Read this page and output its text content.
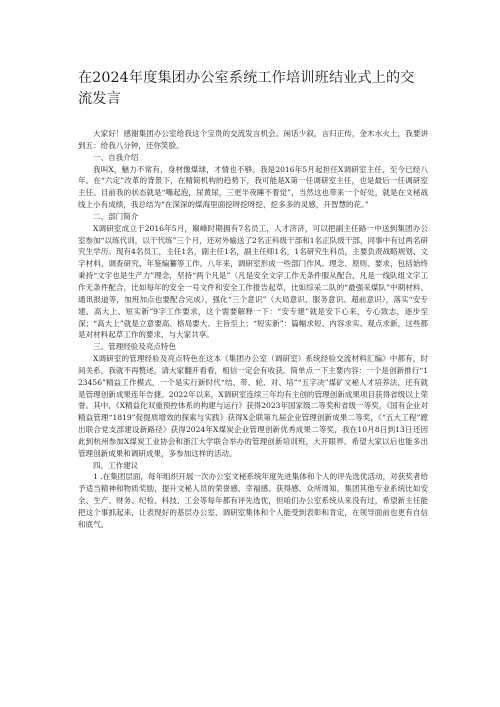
在2024年度集团办公室系统工作培训班结业式上的交流发言

大家好！感谢集团办公室给我这个宝贵的交流发言机会。闲话少叙，言归正传，金木水火土，我要讲到五：给我八分钟，还你笑脸。

一、自我介绍

我叫X，魅力不常有，身材像煤球，才情也不够。我是2016年5月起担任X调研室主任，至今已经八年。在“六定”改革的背景下，在精简机构的趋势下，我可能是X第一任调研室主任，也是最后一任调研室主任。目前我的状态就是“嘴起泡，尿黄尿，三更半夜睡不着觉”，当然这也带来一个好处，就是在文秘战线上小有成绩，我总结为“在深深的煤海里面挖呀挖呀挖，挖多多的灵感，开智慧的花。”

二、部门简介

X调研室成立于2016年5月，巅峰时期拥有7名员工，人才济济，可以把副主任路一中送到集团办公室参加“以练代训，以干代练”三个月，还对外输送了2名正科级干部和1名正队级干部，同事中有过两名研究生学历。现有4名员工，主任1名，副主任1名，副主任师1名，1名研究生科员，主要负责战略规划、文字材料、调查研究、年鉴编纂等工作。八年来，调研室形成一些部门作风、理念、原则、要求，包括始终秉持“文字也是生产力”理念，坚持“两个凡是”（凡是安全文字工作无条件服从配合、凡是一线队组文字工作无条件配合，比如每年的安全一号文件和安全工作报告起草，比如综采二队的“最强采煤队”中期材料、通讯报道等，加班加点也要配合完成），强化“三个意识”（大局意识、服务意识、超前意识），落实“安专建、高大上、短实新”9字工作要求，这个需要解释一下：“安专建”就是安下心来，专心致志，逐步至深；“高大上”就是立意要高、格局要大、主旨至上；“短实新”：篇幅求短、内容求实、观点求新，这些都是对材料起草工作的要求，与大家共享。

三、管理经验及亮点特色

X调研室的管理经验及亮点特色在这本《集团办公室（调研室）系统经验交流材料汇编》中都有，时间关系，我就不再赘述，请大家翻开看看，相信一定会有收获。简单点一下主要内容：一个是创新推行“123456”精益工作模式，一个是实行新时代“结、带、轮、对、培”“五字决”煤矿文秘人才培养法，还有就是管理创新成果连年告捷。2022年以来，X调研室连续三年均有主创的管理创新成果项目获得省级以上荣誉。其中，《X精益化双重预控体系的构建与运行》获得2023年国家级二等奖和省级一等奖，《国有企业对精益管理“1819”促提质增效的探索与实践》获得X企联第九届企业管理创新成果二等奖，《“五大工程”蹚出联合党支部建设新路径》获得2024年X煤炭企业管理创新优秀成果二等奖，我在10月8日到13日还因此到杭州参加X煤炭工业协会和浙江大学联合举办的管理创新培训班，大开眼界。希望大家以后也能多出管理创新成果和调研成果，多参加这样的活动。

四、工作建议

1 .在集团层面，每年组织开展一次办公室文秘系统年度先进集体和个人的评先选优活动，对获奖者给予适当精神和物质奖励，提升文秘人员的荣誉感、幸福感、获得感。众所周知，集团其他专业系统比如安全、生产、财务、纪检、科技、工会等每年都有评先选优，但咱们办公室系统从来没有过，希望新主任能把这个事抓起来，让表现好的基层办公室、调研室集体和个人能受到表彰和肯定，在领导面前也更有自信和底气。
